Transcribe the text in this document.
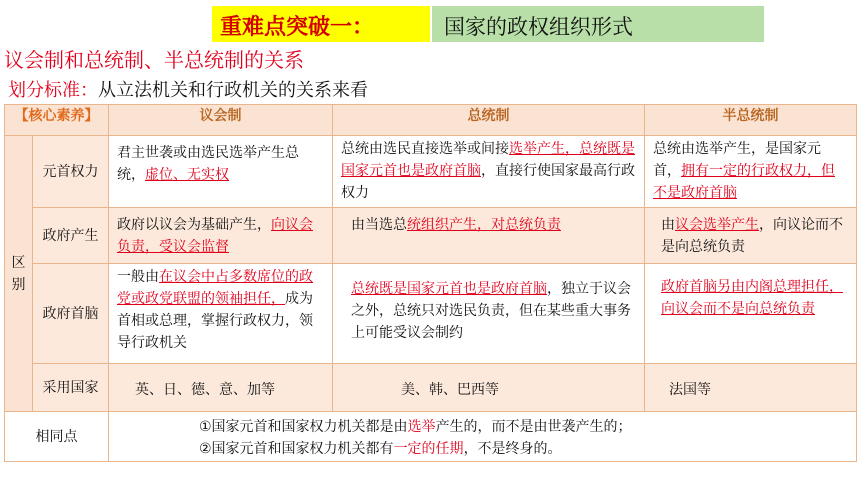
重难点突破一：	国家的政权组织形式
议会制和总统制、半总统制的关系
划分标准：从立法机关和行政机关的关系来看
【核心素养】		议会制	总统制	半总统制
区别	元首权力	君主世袭或由选民选举产生总统，虚位、无实权	总统由选民直接选举或间接选举产生，总统既是国家元首也是政府首脑，直接行使国家最高行政权力	总统由选举产生，是国家元首，拥有一定的行政权力，但不是政府首脑

	政府产生	政府以议会为基础产生，向议会负责，受议会监督	由当选总统组织产生，对总统负责	由议会选举产生，向议论而不是向总统负责

	政府首脑	一般由在议会中占多数席位的政党或政党联盟的领袖担任，成为首相或总理，掌握行政权力，领导行政机关	总统既是国家元首也是政府首脑，独立于议会之外，总统只对选民负责，但在某些重大事务上可能受议会制约	政府首脑另由内阁总理担任，向议会而不是向总统负责

	采用国家	英、日、德、意、加等	美、韩、巴西等	法国等

相同点		①国家元首和国家权力机关都是由选举产生的，而不是由世袭产生的；
②国家元首和国家权力机关都有一定的任期，不是终身的。		
